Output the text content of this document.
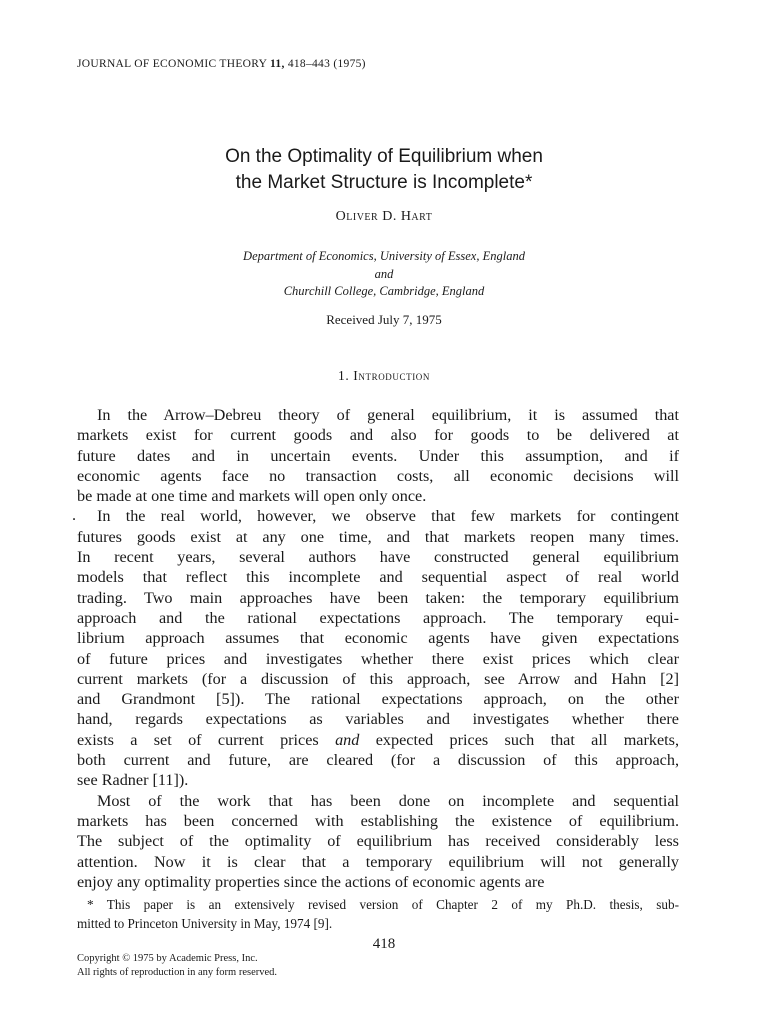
JOURNAL OF ECONOMIC THEORY 11, 418–443 (1975)
On the Optimality of Equilibrium when
the Market Structure is Incomplete*
Oliver D. Hart
Department of Economics, University of Essex, England
and
Churchill College, Cambridge, England
Received July 7, 1975
1. Introduction
.
In the Arrow–Debreu theory of general equilibrium, it is assumed that
markets exist for current goods and also for goods to be delivered at
future dates and in uncertain events. Under this assumption, and if
economic agents face no transaction costs, all economic decisions will
be made at one time and markets will open only once.
In the real world, however, we observe that few markets for contingent
futures goods exist at any one time, and that markets reopen many times.
In recent years, several authors have constructed general equilibrium
models that reflect this incomplete and sequential aspect of real world
trading. Two main approaches have been taken: the temporary equilibrium
approach and the rational expectations approach. The temporary equi-
librium approach assumes that economic agents have given expectations
of future prices and investigates whether there exist prices which clear
current markets (for a discussion of this approach, see Arrow and Hahn [2]
and Grandmont [5]). The rational expectations approach, on the other
hand, regards expectations as variables and investigates whether there
exists a set of current prices and expected prices such that all markets,
both current and future, are cleared (for a discussion of this approach,
see Radner [11]).
Most of the work that has been done on incomplete and sequential
markets has been concerned with establishing the existence of equilibrium.
The subject of the optimality of equilibrium has received considerably less
attention. Now it is clear that a temporary equilibrium will not generally
enjoy any optimality properties since the actions of economic agents are
* This paper is an extensively revised version of Chapter 2 of my Ph.D. thesis, sub-
mitted to Princeton University in May, 1974 [9].
418
Copyright © 1975 by Academic Press, Inc.
All rights of reproduction in any form reserved.
